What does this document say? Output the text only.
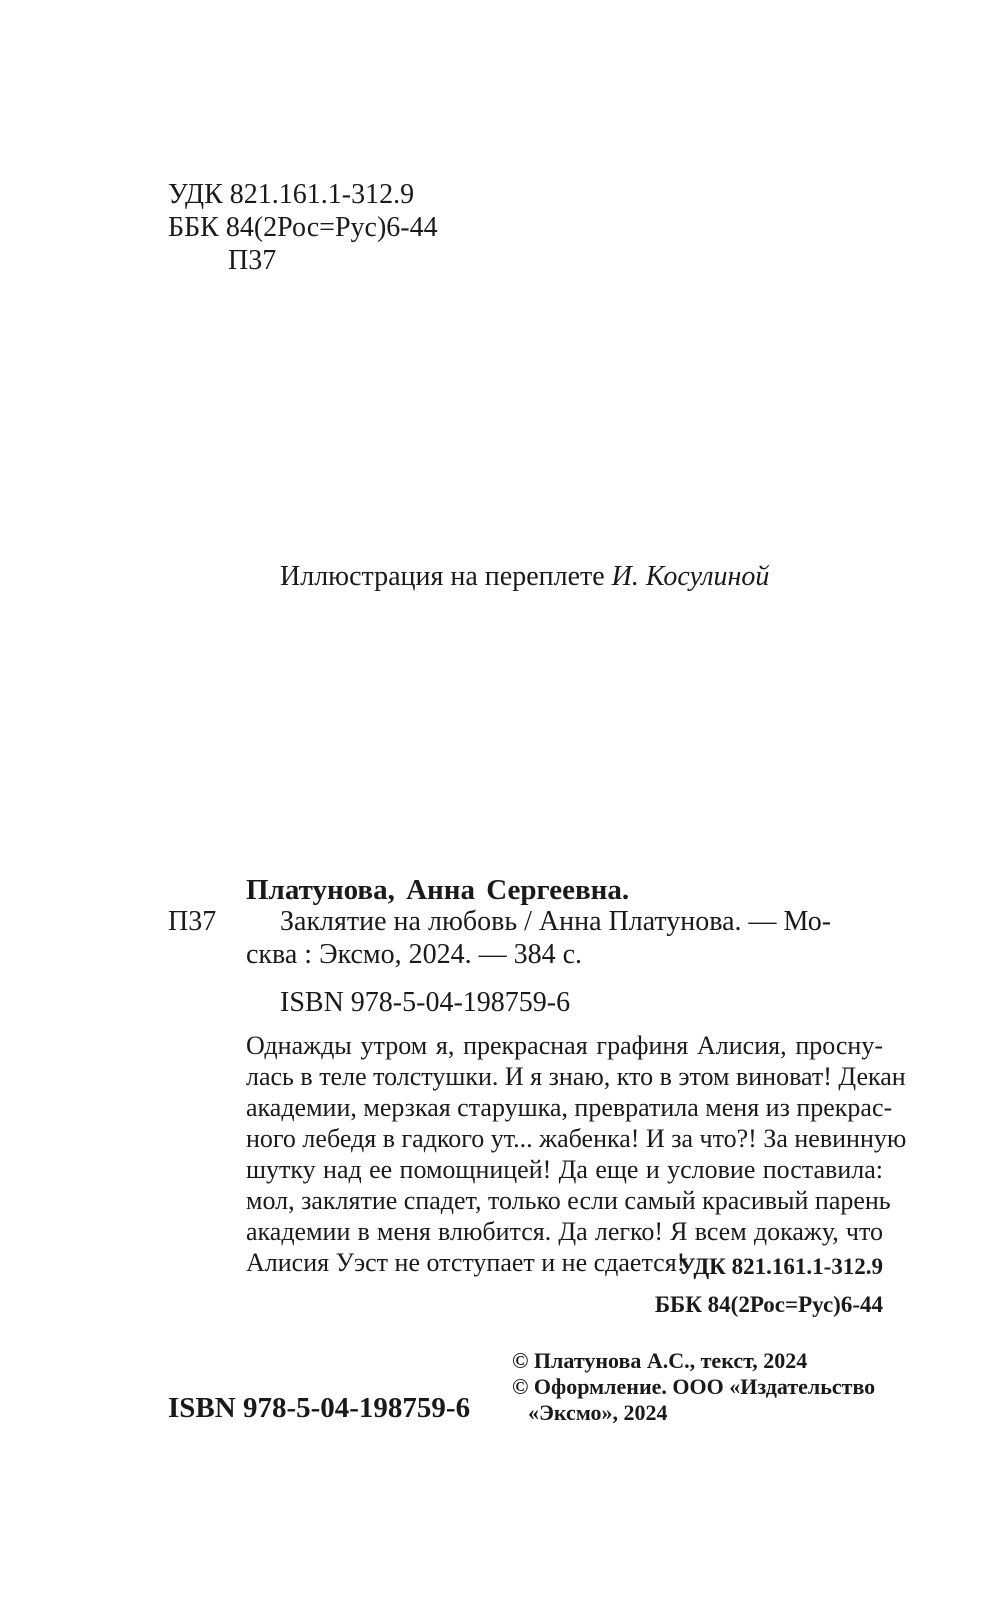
УДК 821.161.1-312.9
ББК 84(2Рос=Рус)6-44
П37
Иллюстрация на переплете И. Косулиной
Платунова, Анна Сергеевна.
П37 Заклятие на любовь / Анна Платунова. — Мо-
сква : Эксмо, 2024. — 384 с.
ISBN 978-5-04-198759-6
Однажды утром я, прекрасная графиня Алисия, просну-
лась в теле толстушки. И я знаю, кто в этом виноват! Декан
академии, мерзкая старушка, превратила меня из прекрас-
ного лебедя в гадкого ут... жабенка! И за что?! За невинную
шутку над ее помощницей! Да еще и условие поставила:
мол, заклятие спадет, только если самый красивый парень
академии в меня влюбится. Да легко! Я всем докажу, что
Алисия Уэст не отступает и не сдается!
УДК 821.161.1-312.9
ББК 84(2Рос=Рус)6-44
ISBN 978-5-04-198759-6
© Платунова А.С., текст, 2024
© Оформление. ООО «Издательство
«Эксмо», 2024
